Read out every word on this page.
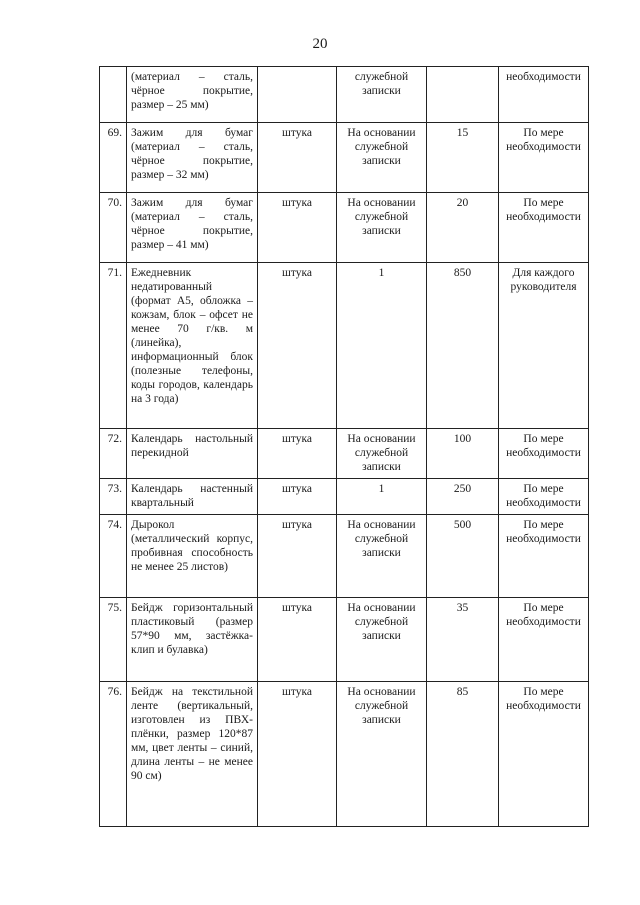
20
	(материал – сталь, чёрное покрытие, размер – 25 мм)		служебной записки		необходимости
69.	Зажим для бумаг (материал – сталь, чёрное покрытие, размер – 32 мм)	штука	На основании служебной записки	15	По мере необходимости
70.	Зажим для бумаг (материал – сталь, чёрное покрытие, размер – 41 мм)	штука	На основании служебной записки	20	По мере необходимости
71.	Ежедневник недатированный (формат А5, обложка – кожзам, блок – офсет не менее 70 г/кв. м (линейка), информационный блок (полезные телефоны, коды городов, календарь на 3 года)	штука	1	850	Для каждого руководителя
72.	Календарь настольный перекидной	штука	На основании служебной записки	100	По мере необходимости
73.	Календарь настенный квартальный	штука	1	250	По мере необходимости
74.	Дырокол (металлический корпус, пробивная способность не менее 25 листов)	штука	На основании служебной записки	500	По мере необходимости
75.	Бейдж горизонтальный пластиковый (размер 57*90 мм, застёжка-клип и булавка)	штука	На основании служебной записки	35	По мере необходимости
76.	Бейдж на текстильной ленте (вертикальный, изготовлен из ПВХ-плёнки, размер 120*87 мм, цвет ленты – синий, длина ленты – не менее 90 см)	штука	На основании служебной записки	85	По мере необходимости
